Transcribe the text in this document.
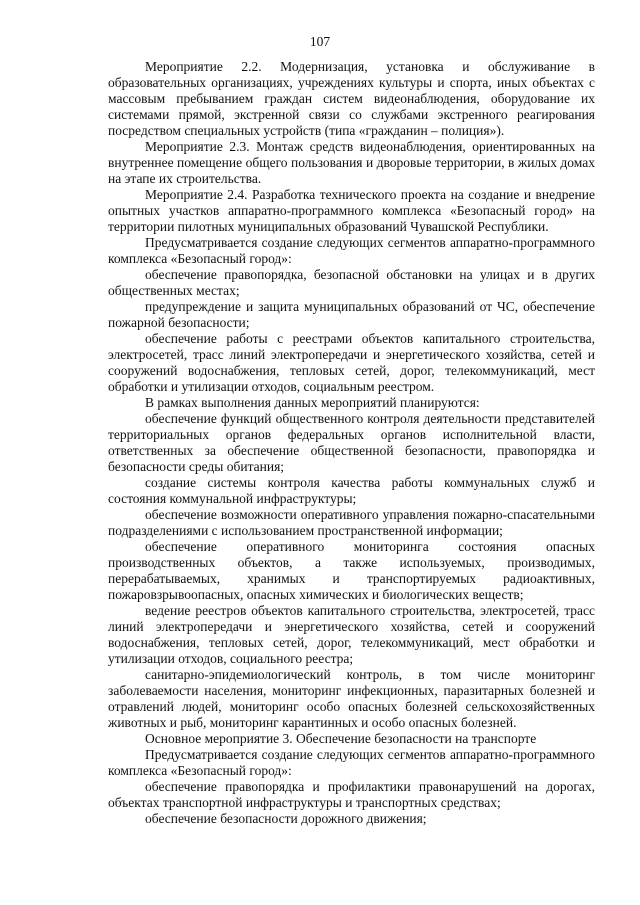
107

Мероприятие 2.2. Модернизация, установка и обслуживание в образовательных организациях, учреждениях культуры и спорта, иных объектах с массовым пребыванием граждан систем видеонаблюдения, оборудование их системами прямой, экстренной связи со службами экстренного реагирования посредством специальных устройств (типа «гражданин – полиция»).

Мероприятие 2.3. Монтаж средств видеонаблюдения, ориентированных на внутреннее помещение общего пользования и дворовые территории, в жилых домах на этапе их строительства.

Мероприятие 2.4. Разработка технического проекта на создание и внедрение опытных участков аппаратно-программного комплекса «Безопасный город» на территории пилотных муниципальных образований Чувашской Республики.

Предусматривается создание следующих сегментов аппаратно-программного комплекса «Безопасный город»:

обеспечение правопорядка, безопасной обстановки на улицах и в других общественных местах;

предупреждение и защита муниципальных образований от ЧС, обеспечение пожарной безопасности;

обеспечение работы с реестрами объектов капитального строительства, электросетей, трасс линий электропередачи и энергетического хозяйства, сетей и сооружений водоснабжения, тепловых сетей, дорог, телекоммуникаций, мест обработки и утилизации отходов, социальным реестром.

В рамках выполнения данных мероприятий планируются:

обеспечение функций общественного контроля деятельности представителей территориальных органов федеральных органов исполнительной власти, ответственных за обеспечение общественной безопасности, правопорядка и безопасности среды обитания;

создание системы контроля качества работы коммунальных служб и состояния коммунальной инфраструктуры;

обеспечение возможности оперативного управления пожарно-спасательными подразделениями с использованием пространственной информации;

обеспечение оперативного мониторинга состояния опасных производственных объектов, а также используемых, производимых, перерабатываемых, хранимых и транспортируемых радиоактивных, пожаровзрывоопасных, опасных химических и биологических веществ;

ведение реестров объектов капитального строительства, электросетей, трасс линий электропередачи и энергетического хозяйства, сетей и сооружений водоснабжения, тепловых сетей, дорог, телекоммуникаций, мест обработки и утилизации отходов, социального реестра;

санитарно-эпидемиологический контроль, в том числе мониторинг заболеваемости населения, мониторинг инфекционных, паразитарных болезней и отравлений людей, мониторинг особо опасных болезней сельскохозяйственных животных и рыб, мониторинг карантинных и особо опасных болезней.

Основное мероприятие 3. Обеспечение безопасности на транспорте

Предусматривается создание следующих сегментов аппаратно-программного комплекса «Безопасный город»:

обеспечение правопорядка и профилактики правонарушений на дорогах, объектах транспортной инфраструктуры и транспортных средствах;

обеспечение безопасности дорожного движения;
